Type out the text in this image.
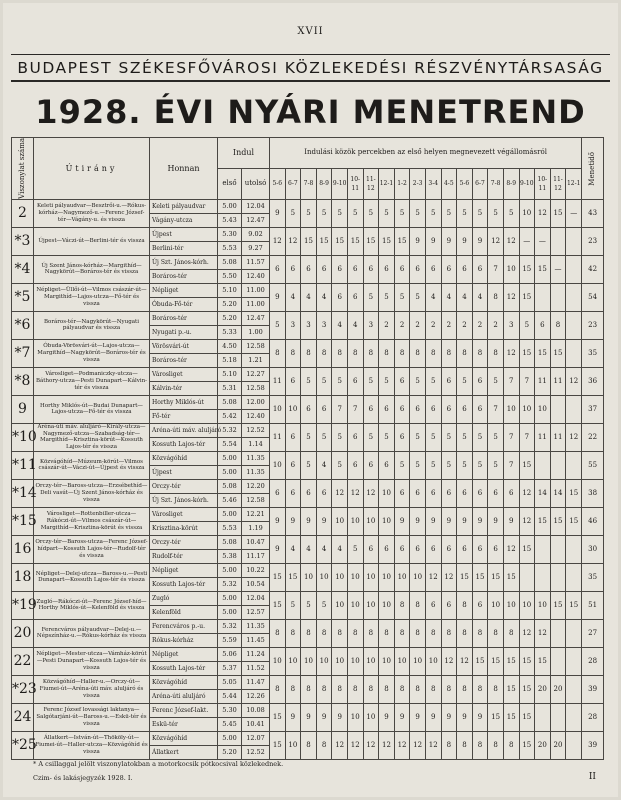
XVII
BUDAPEST SZÉKESFŐVÁROSI KÖZLEKEDÉSI RÉSZVÉNYTÁRSASÁG
1928. ÉVI NYÁRI MENETREND
Viszonylat száma	Útirány	Honnan	Indul		Indulási közök percekben az első helyen megnevezett végállomásról																				Menetidő

			első	utolsó	5-6	6-7	7-8	8-9	9-10	10-11	11-12	12-1	1-2	2-3	3-4	4-5	5-6	6-7	7-8	8-9	9-10	10-11	11-12	12-1	
2	Keleti pályaudvar—Besztrői-u.—Rókus-kórház—Nagymező-u.—Ferenc József-tér—Vágány-u. és vissza	Keleti pályaudvar	5.00	12.04	9	5	5	5	5	5	5	5	5	5	5	5	5	5	5	5	10	12	15	—	43
		Vágány-utcza	5.43	12.47																					
*3	Újpest—Váczi-út—Berlini-tér és vissza	Újpest	5.30	9.02	12	12	15	15	15	15	15	15	15	9	9	9	9	9	12	12	—	—			23
		Berlini-tér	5.53	9.27																					
*4	Új Szent János-kórház—Margithíd—Nagykörút—Boráros-tér és vissza	Új Szt. János-kórh.	5.08	11.57	6	6	6	6	6	6	6	6	6	6	6	6	6	6	7	10	15	15	—		42
		Boráros-tér	5.50	12.40																					
*5	Népliget—Üllői-út—Vilmos császár-út—Margithíd—Lajos-utcza—Fő-tér és vissza	Népliget	5.10	11.00	9	4	4	4	6	6	5	5	5	5	4	4	4	4	8	12	15				54
		Óbuda-Fő-tér	5.20	11.00																					
*6	Boráros-tér—Nagykörút—Nyugati pályaudvar és vissza	Boráros-tér	5.20	12.47	5	3	3	3	4	4	3	2	2	2	2	2	2	2	2	3	5	6	8		23
		Nyugati p.-u.	5.33	1.00																					
*7	Óbuda-Vörösvári-út—Lajos-utcza—Margithíd—Nagykörút—Boráros-tér és vissza	Vörösvári-út	4.50	12.58	8	8	8	8	8	8	8	8	8	8	8	8	8	8	8	12	15	15	15		35
		Boráros-tér	5.18	1.21																					
*8	Városliget—Podmaniczky-utcza—Báthory-utcza—Pesti Dunapart—Kálvin-tér és vissza	Városliget	5.10	12.27	11	6	5	5	5	6	5	5	6	5	5	6	5	6	5	7	7	11	11	12	36
		Kálvin-tér	5.31	12.58																					
9	Horthy Miklós-út—Budai Dunapart—Lajos-utcza—Fő-tér és vissza	Horthy Miklós-út	5.08	12.00	10	10	6	6	7	7	6	6	6	6	6	6	6	6	7	10	10	10			37
		Fő-tér	5.42	12.40																					
*10	Aréna-úti máv. aluljáró—Király-utcza—Nagymező-utcza—Szabadság-tér—Margithíd—Krisztina-körút—Kossuth Lajos-tér és vissza	Aréna-úti máv. aluljáró	5.32	12.52	11	6	5	5	5	6	5	5	6	5	5	5	5	5	5	7	7	11	11	12	22
		Kossuth Lajos-tér	5.54	1.14																					
*11	Közvágóhíd—Múzeum-körút—Vilmos császár-út—Váczi-út—Újpest és vissza	Közvágóhíd	5.00	11.35	10	6	5	4	5	6	6	6	5	5	5	5	5	5	5	7	15				55
		Újpest	5.00	11.35																					
*14	Orczy-tér—Baross-utcza—Erzsébethíd—Deli vasút—Új Szent János-kórház és vissza	Orczy-tér	5.08	12.20	6	6	6	6	12	12	12	10	6	6	6	6	6	6	6	6	12	14	14	15	38
		Új Szt. János-kórh.	5.46	12.58																					
*15	Városliget—Rottenbiller-utcza—Rákóczi-út—Vilmos császár-út—Margithíd—Krisztina-körút és vissza	Városliget	5.00	12.21	9	9	9	9	10	10	10	10	9	9	9	9	9	9	9	9	12	15	15	15	46
		Krisztina-körút	5.53	1.19																					
16	Orczy-tér—Baross-utcza—Ferenc József-hídpart—Kossuth Lajos-tér—Rudolf-tér és vissza	Orczy-tér	5.08	10.47	9	4	4	4	4	5	6	6	6	6	6	6	6	6	6	12	15				30
		Rudolf-tér	5.38	11.17																					
18	Népliget—Delej-utcza—Baross-u.—Pesti Dunapart—Kossuth Lajos-tér és vissza	Népliget	5.00	10.22	15	15	10	10	10	10	10	10	10	10	12	12	15	15	15	15					35
		Kossuth Lajos-tér	5.32	10.54																					
*19	Zugló—Rákóczi-út—Ferenc József-híd—Horthy Miklós-út—Kelenföld és vissza	Zugló	5.00	12.04	15	5	5	5	10	10	10	10	8	8	6	6	8	6	10	10	10	10	15	15	51
		Kelenföld	5.00	12.57																					
20	Ferencváros pályaudvar—Delej-u.—Népszínház-u.—Rókus-kórház és vissza	Ferencváros p.-u.	5.32	11.35	8	8	8	8	8	8	8	8	8	8	8	8	8	8	8	8	12	12			27
		Rókus-kórház	5.59	11.45																					
22	Népliget—Mester-utcza—Vámház-körút—Pesti Dunapart—Kossuth Lajos-tér és vissza	Népliget	5.06	11.24	10	10	10	10	10	10	10	10	10	10	10	12	12	15	15	15	15	15			28
		Kossuth Lajos-tér	5.37	11.52																					
*23	Közvágóhíd—Haller-u.—Orczy-út—Fiumei-út—Aréna-úti máv. aluljáró és vissza	Közvágóhíd	5.05	11.47	8	8	8	8	8	8	8	8	8	8	8	8	8	8	8	15	15	20	20		39
		Aréna-úti aluljáró	5.44	12.26																					
24	Ferenc József lovassági laktanya—Salgótarjáni-út—Baross-u.—Eskü-tér és vissza	Ferenc József-lakt.	5.30	10.08	15	9	9	9	9	10	10	9	9	9	9	9	9	9	15	15	15				28
		Eskü-tér	5.45	10.41																					
*25	Állatkert—István-út—Thököly-út—Fiumei-út—Haller-utcza—Közvágóhíd és vissza	Közvágóhíd	5.00	12.07	15	10	8	8	12	12	12	12	12	12	12	8	8	8	8	8	15	20	20		39
		Állatkert	5.20	12.52																					
* A csillaggal jelölt viszonylatokban a motorkocsik pótkocsival közlekednek.
Czim- és lakásjegyzék 1928. I.	II
